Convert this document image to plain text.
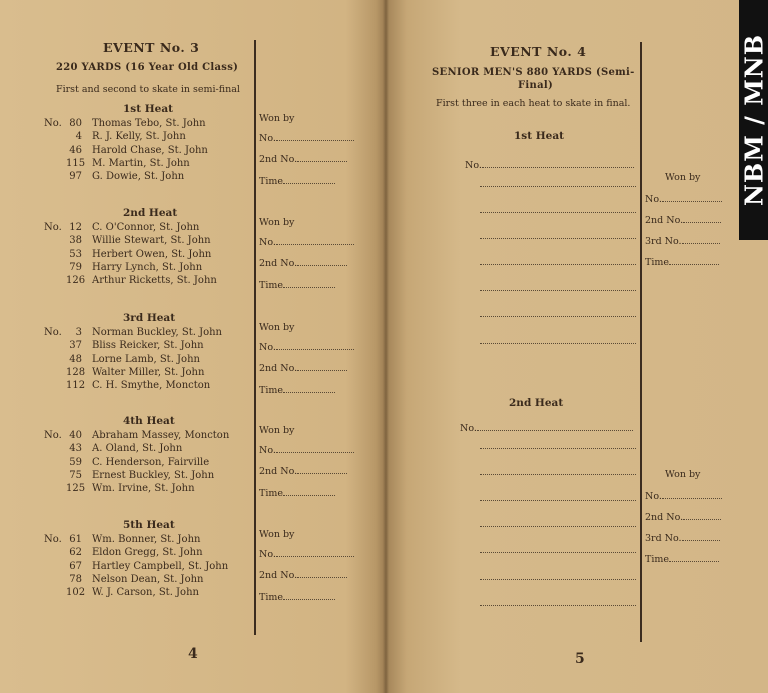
EVENT No. 3
220 YARDS (16 Year Old Class)
First and second to skate in semi-final
1st Heat
No. 80 Thomas Tebo, St. John
4 R. J. Kelly, St. John
46 Harold Chase, St. John
115 M. Martin, St. John
97 G. Dowie, St. John
Won by
No.
2nd No.
Time
2nd Heat
No. 12 C. O'Connor, St. John
38 Willie Stewart, St. John
53 Herbert Owen, St. John
79 Harry Lynch, St. John
126 Arthur Ricketts, St. John
Won by
No.
2nd No.
Time
3rd Heat
No. 3 Norman Buckley, St. John
37 Bliss Reicker, St. John
48 Lorne Lamb, St. John
128 Walter Miller, St. John
112 C. H. Smythe, Moncton
Won by
No.
2nd No.
Time
4th Heat
No. 40 Abraham Massey, Moncton
43 A. Oland, St. John
59 C. Henderson, Fairville
75 Ernest Buckley, St. John
125 Wm. Irvine, St. John
Won by
No.
2nd No.
Time
5th Heat
No. 61 Wm. Bonner, St. John
62 Eldon Gregg, St. John
67 Hartley Campbell, St. John
78 Nelson Dean, St. John
102 W. J. Carson, St. John
Won by
No.
2nd No.
Time
4
EVENT No. 4
SENIOR MEN'S 880 YARDS (Semi-
Final)
First three in each heat to skate in final.
1st Heat
No.
Won by
No.
2nd No.
3rd No.
Time
2nd Heat
No.
Won by
No.
2nd No.
3rd No.
Time
5
NBM / MNB
